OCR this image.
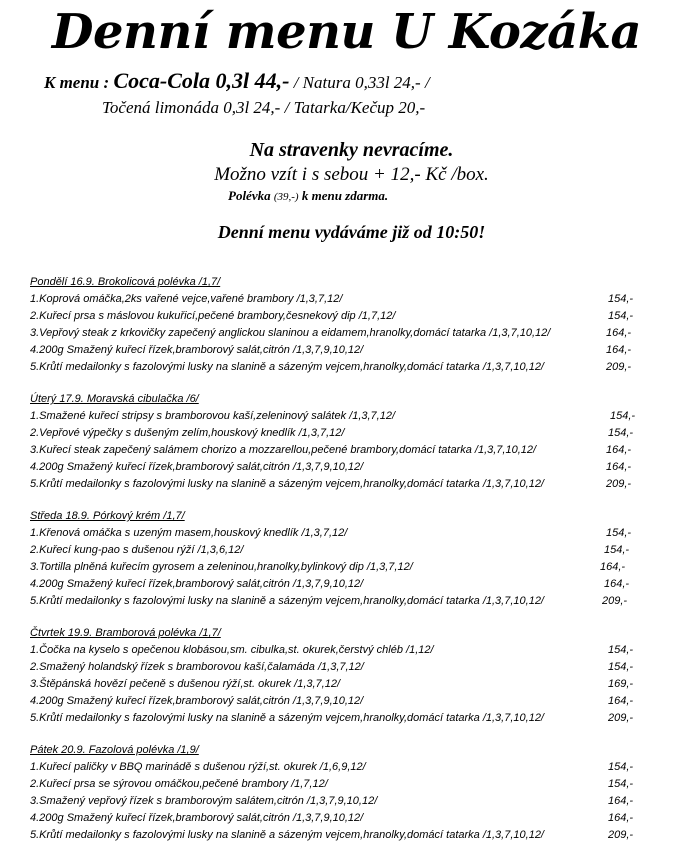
Denní menu U Kozáka
K menu : Coca-Cola 0,3l 44,- / Natura 0,33l 24,- /
Točená limonáda 0,3l 24,- / Tatarka/Kečup 20,-
Na stravenky nevracíme.
Možno vzít i s sebou + 12,- Kč /box.
Polévka (39,-) k menu zdarma.
Denní menu vydáváme již od 10:50!
Pondělí 16.9. Brokolicová polévka /1,7/
1.Koprová omáčka,2ks vařené vejce,vařené brambory /1,3,7,12/	154,-
2.Kuřecí prsa s máslovou kukuřicí,pečené brambory,česnekový dip /1,7,12/	154,-
3.Vepřový steak z krkovičky zapečený anglickou slaninou a eidamem,hranolky,domácí tatarka /1,3,7,10,12/	164,-
4.200g Smažený kuřecí řízek,bramborový salát,citrón /1,3,7,9,10,12/	164,-
5.Krůtí medailonky s fazolovými lusky na slanině a sázeným vejcem,hranolky,domácí tatarka /1,3,7,10,12/	209,-
Úterý 17.9. Moravská cibulačka /6/
1.Smažené kuřecí stripsy s bramborovou kaší,zeleninový salátek /1,3,7,12/	154,-
2.Vepřové výpečky s dušeným zelím,houskový knedlík /1,3,7,12/	154,-
3.Kuřecí steak zapečený salámem chorizo a mozzarellou,pečené brambory,domácí tatarka /1,3,7,10,12/	164,-
4.200g Smažený kuřecí řízek,bramborový salát,citrón /1,3,7,9,10,12/	164,-
5.Krůtí medailonky s fazolovými lusky na slanině a sázeným vejcem,hranolky,domácí tatarka /1,3,7,10,12/	209,-
Středa 18.9. Pórkový krém /1,7/
1.Křenová omáčka s uzeným masem,houskový knedlík /1,3,7,12/	154,-
2.Kuřecí kung-pao s dušenou rýží /1,3,6,12/	154,-
3.Tortilla plněná kuřecím gyrosem a zeleninou,hranolky,bylinkový dip /1,3,7,12/	164,-
4.200g Smažený kuřecí řízek,bramborový salát,citrón /1,3,7,9,10,12/	164,-
5.Krůtí medailonky s fazolovými lusky na slanině a sázeným vejcem,hranolky,domácí tatarka /1,3,7,10,12/	209,-
Čtvrtek 19.9. Bramborová polévka /1,7/
1.Čočka na kyselo s opečenou klobásou,sm. cibulka,st. okurek,čerstvý chléb /1,12/	154,-
2.Smažený holandský řízek s bramborovou kaší,čalamáda /1,3,7,12/	154,-
3.Štěpánská hovězí pečeně s dušenou rýží,st. okurek /1,3,7,12/	169,-
4.200g Smažený kuřecí řízek,bramborový salát,citrón /1,3,7,9,10,12/	164,-
5.Krůtí medailonky s fazolovými lusky na slanině a sázeným vejcem,hranolky,domácí tatarka /1,3,7,10,12/	209,-
Pátek 20.9. Fazolová polévka /1,9/
1.Kuřecí paličky v BBQ marinádě s dušenou rýží,st. okurek /1,6,9,12/	154,-
2.Kuřecí prsa se sýrovou omáčkou,pečené brambory /1,7,12/	154,-
3.Smažený vepřový řízek s bramborovým salátem,citrón /1,3,7,9,10,12/	164,-
4.200g Smažený kuřecí řízek,bramborový salát,citrón /1,3,7,9,10,12/	164,-
5.Krůtí medailonky s fazolovými lusky na slanině a sázeným vejcem,hranolky,domácí tatarka /1,3,7,10,12/	209,-
